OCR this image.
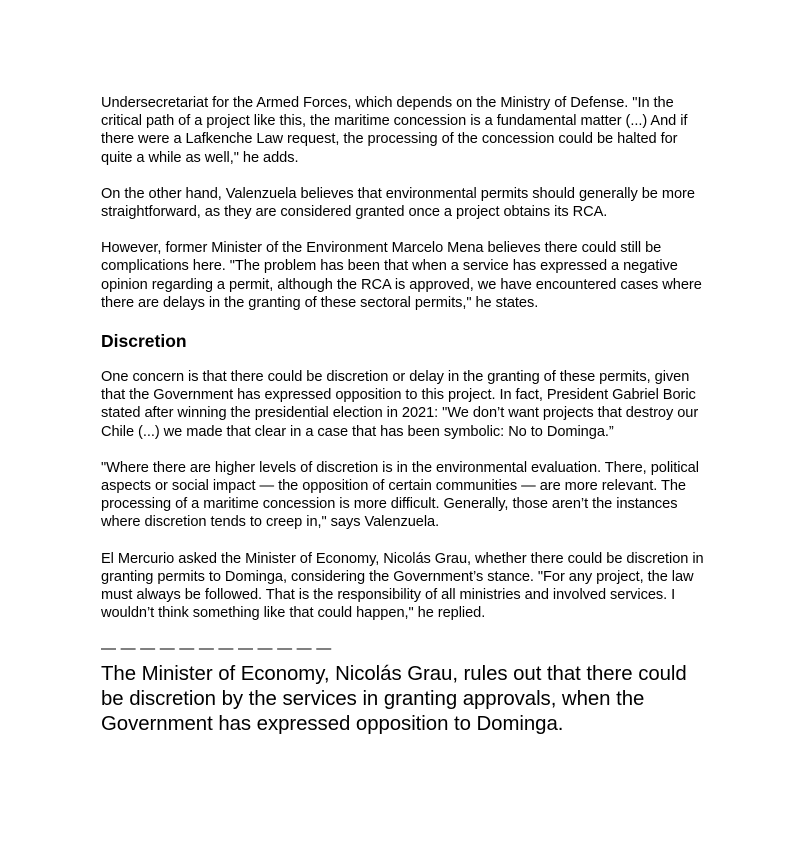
Undersecretariat for the Armed Forces, which depends on the Ministry of Defense. "In the critical path of a project like this, the maritime concession is a fundamental matter (...) And if there were a Lafkenche Law request, the processing of the concession could be halted for quite a while as well," he adds.

On the other hand, Valenzuela believes that environmental permits should generally be more straightforward, as they are considered granted once a project obtains its RCA.

However, former Minister of the Environment Marcelo Mena believes there could still be complications here. "The problem has been that when a service has expressed a negative opinion regarding a permit, although the RCA is approved, we have encountered cases where there are delays in the granting of these sectoral permits," he states.

Discretion

One concern is that there could be discretion or delay in the granting of these permits, given that the Government has expressed opposition to this project. In fact, President Gabriel Boric stated after winning the presidential election in 2021: "We don’t want projects that destroy our Chile (...) we made that clear in a case that has been symbolic: No to Dominga.”

"Where there are higher levels of discretion is in the environmental evaluation. There, political aspects or social impact — the opposition of certain communities — are more relevant. The processing of a maritime concession is more difficult. Generally, those aren’t the instances where discretion tends to creep in," says Valenzuela.

El Mercurio asked the Minister of Economy, Nicolás Grau, whether there could be discretion in granting permits to Dominga, considering the Government’s stance. "For any project, the law must always be followed. That is the responsibility of all ministries and involved services. I wouldn’t think something like that could happen," he replied.

— — — — — — — — — — — —

The Minister of Economy, Nicolás Grau, rules out that there could be discretion by the services in granting approvals, when the Government has expressed opposition to Dominga.
